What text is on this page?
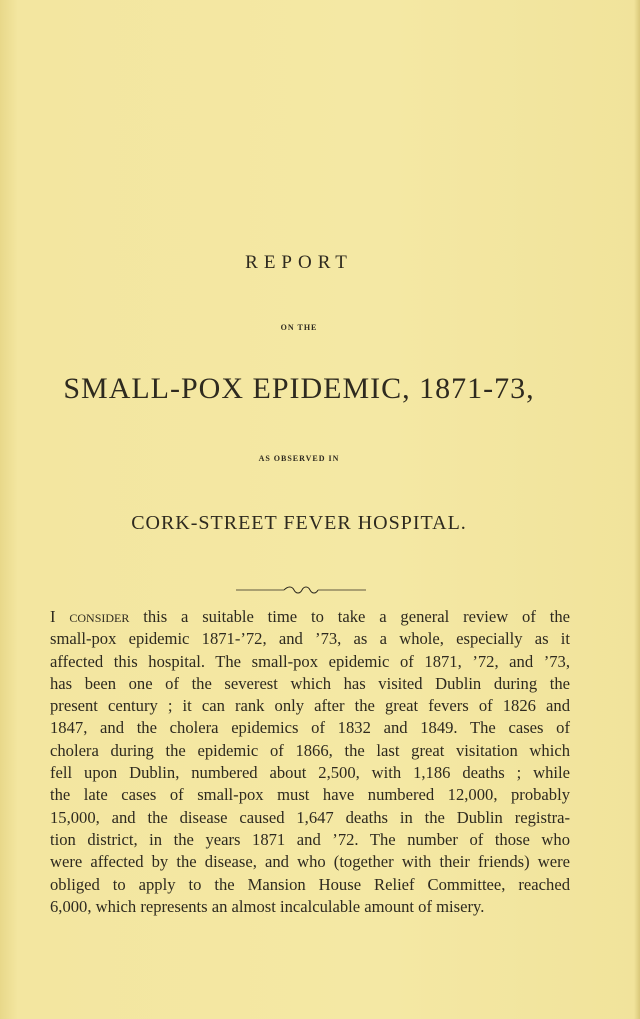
REPORT
ON THE
SMALL-POX EPIDEMIC, 1871-73,
AS OBSERVED IN
CORK-STREET FEVER HOSPITAL.
I consider this a suitable time to take a general review of the
small-pox epidemic 1871-’72, and ’73, as a whole, especially as it
affected this hospital. The small-pox epidemic of 1871, ’72, and ’73,
has been one of the severest which has visited Dublin during the
present century ; it can rank only after the great fevers of 1826 and
1847, and the cholera epidemics of 1832 and 1849. The cases of
cholera during the epidemic of 1866, the last great visitation which
fell upon Dublin, numbered about 2,500, with 1,186 deaths ; while
the late cases of small-pox must have numbered 12,000, probably
15,000, and the disease caused 1,647 deaths in the Dublin registra-
tion district, in the years 1871 and ’72. The number of those who
were affected by the disease, and who (together with their friends) were
obliged to apply to the Mansion House Relief Committee, reached
6,000, which represents an almost incalculable amount of misery.
